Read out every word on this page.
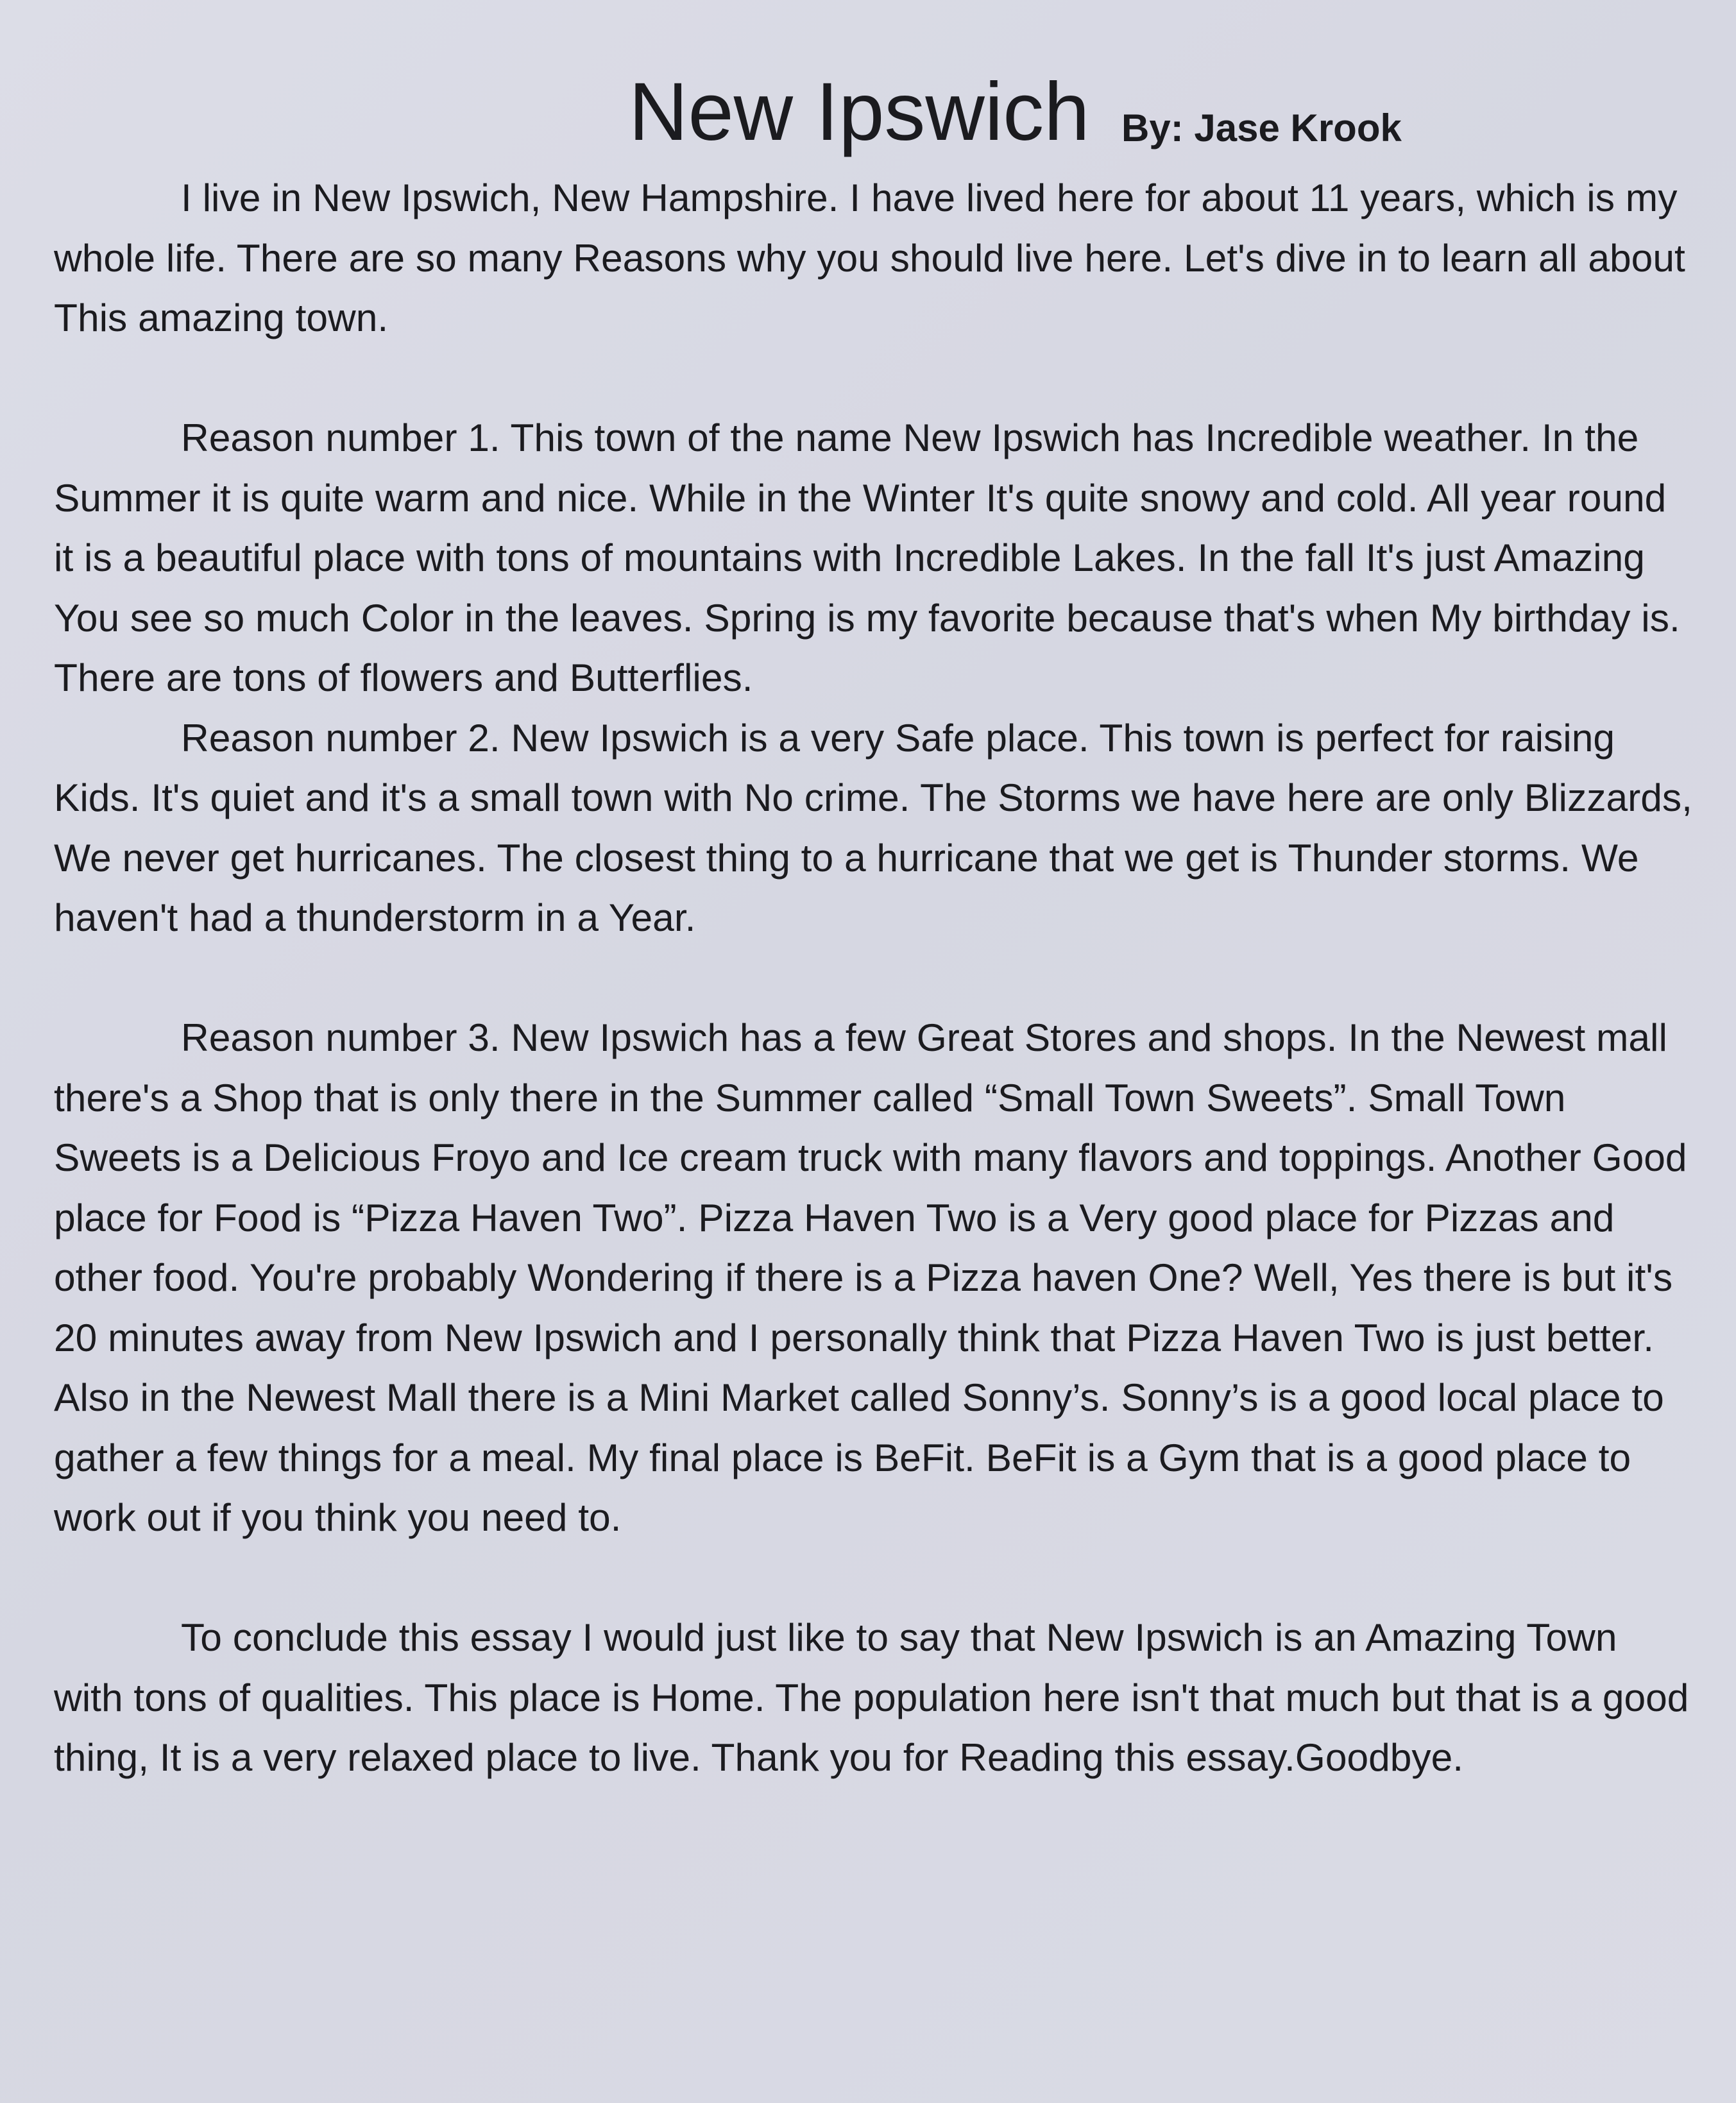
New Ipswich By: Jase Krook

I live in New Ipswich, New Hampshire. I have lived here for about 11 years, which is my whole life. There are so many Reasons why you should live here. Let's dive in to learn all about This amazing town.

Reason number 1. This town of the name New Ipswich has Incredible weather. In the Summer it is quite warm and nice. While in the Winter It's quite snowy and cold. All year round it is a beautiful place with tons of mountains with Incredible Lakes. In the fall It's just Amazing You see so much Color in the leaves. Spring is my favorite because that's when My birthday is. There are tons of flowers and Butterflies.

Reason number 2. New Ipswich is a very Safe place. This town is perfect for raising Kids. It's quiet and it's a small town with No crime. The Storms we have here are only Blizzards, We never get hurricanes. The closest thing to a hurricane that we get is Thunder storms. We haven't had a thunderstorm in a Year.

Reason number 3. New Ipswich has a few Great Stores and shops. In the Newest mall there's a Shop that is only there in the Summer called “Small Town Sweets”. Small Town Sweets is a Delicious Froyo and Ice cream truck with many flavors and toppings. Another Good place for Food is “Pizza Haven Two”. Pizza Haven Two is a Very good place for Pizzas and other food. You're probably Wondering if there is a Pizza haven One? Well, Yes there is but it's 20 minutes away from New Ipswich and I personally think that Pizza Haven Two is just better. Also in the Newest Mall there is a Mini Market called Sonny’s. Sonny’s is a good local place to gather a few things for a meal. My final place is BeFit. BeFit is a Gym that is a good place to work out if you think you need to.

To conclude this essay I would just like to say that New Ipswich is an Amazing Town with tons of qualities. This place is Home. The population here isn't that much but that is a good thing, It is a very relaxed place to live. Thank you for Reading this essay.Goodbye.
